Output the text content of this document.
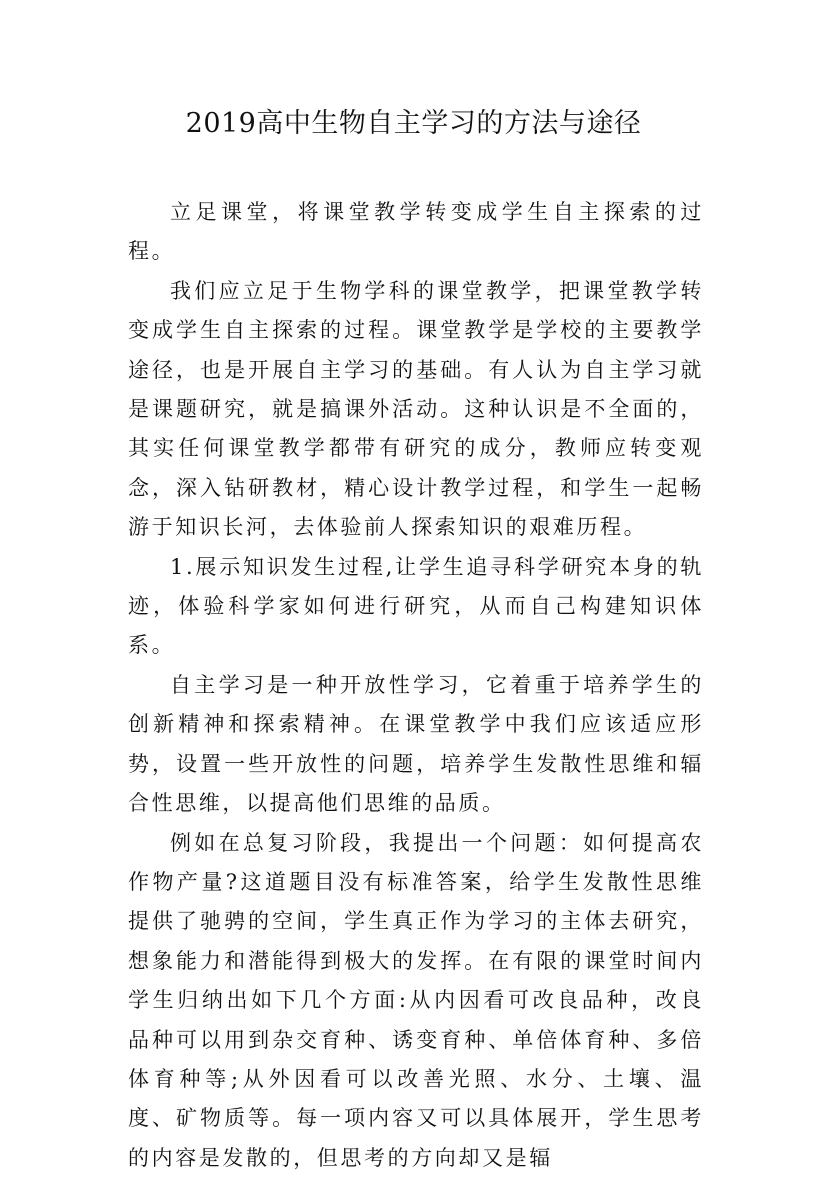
2019高中生物自主学习的方法与途径

立足课堂，将课堂教学转变成学生自主探索的过程。

我们应立足于生物学科的课堂教学，把课堂教学转变成学生自主探索的过程。课堂教学是学校的主要教学途径，也是开展自主学习的基础。有人认为自主学习就是课题研究，就是搞课外活动。这种认识是不全面的，其实任何课堂教学都带有研究的成分，教师应转变观念，深入钻研教材，精心设计教学过程，和学生一起畅游于知识长河，去体验前人探索知识的艰难历程。

1.展示知识发生过程,让学生追寻科学研究本身的轨迹，体验科学家如何进行研究，从而自己构建知识体系。

自主学习是一种开放性学习，它着重于培养学生的创新精神和探索精神。在课堂教学中我们应该适应形势，设置一些开放性的问题，培养学生发散性思维和辐合性思维，以提高他们思维的品质。

例如在总复习阶段，我提出一个问题：如何提高农作物产量?这道题目没有标准答案，给学生发散性思维提供了驰骋的空间，学生真正作为学习的主体去研究，想象能力和潜能得到极大的发挥。在有限的课堂时间内学生归纳出如下几个方面:从内因看可改良品种，改良品种可以用到杂交育种、诱变育种、单倍体育种、多倍体育种等;从外因看可以改善光照、水分、土壤、温度、矿物质等。每一项内容又可以具体展开，学生思考的内容是发散的，但思考的方向却又是辐
